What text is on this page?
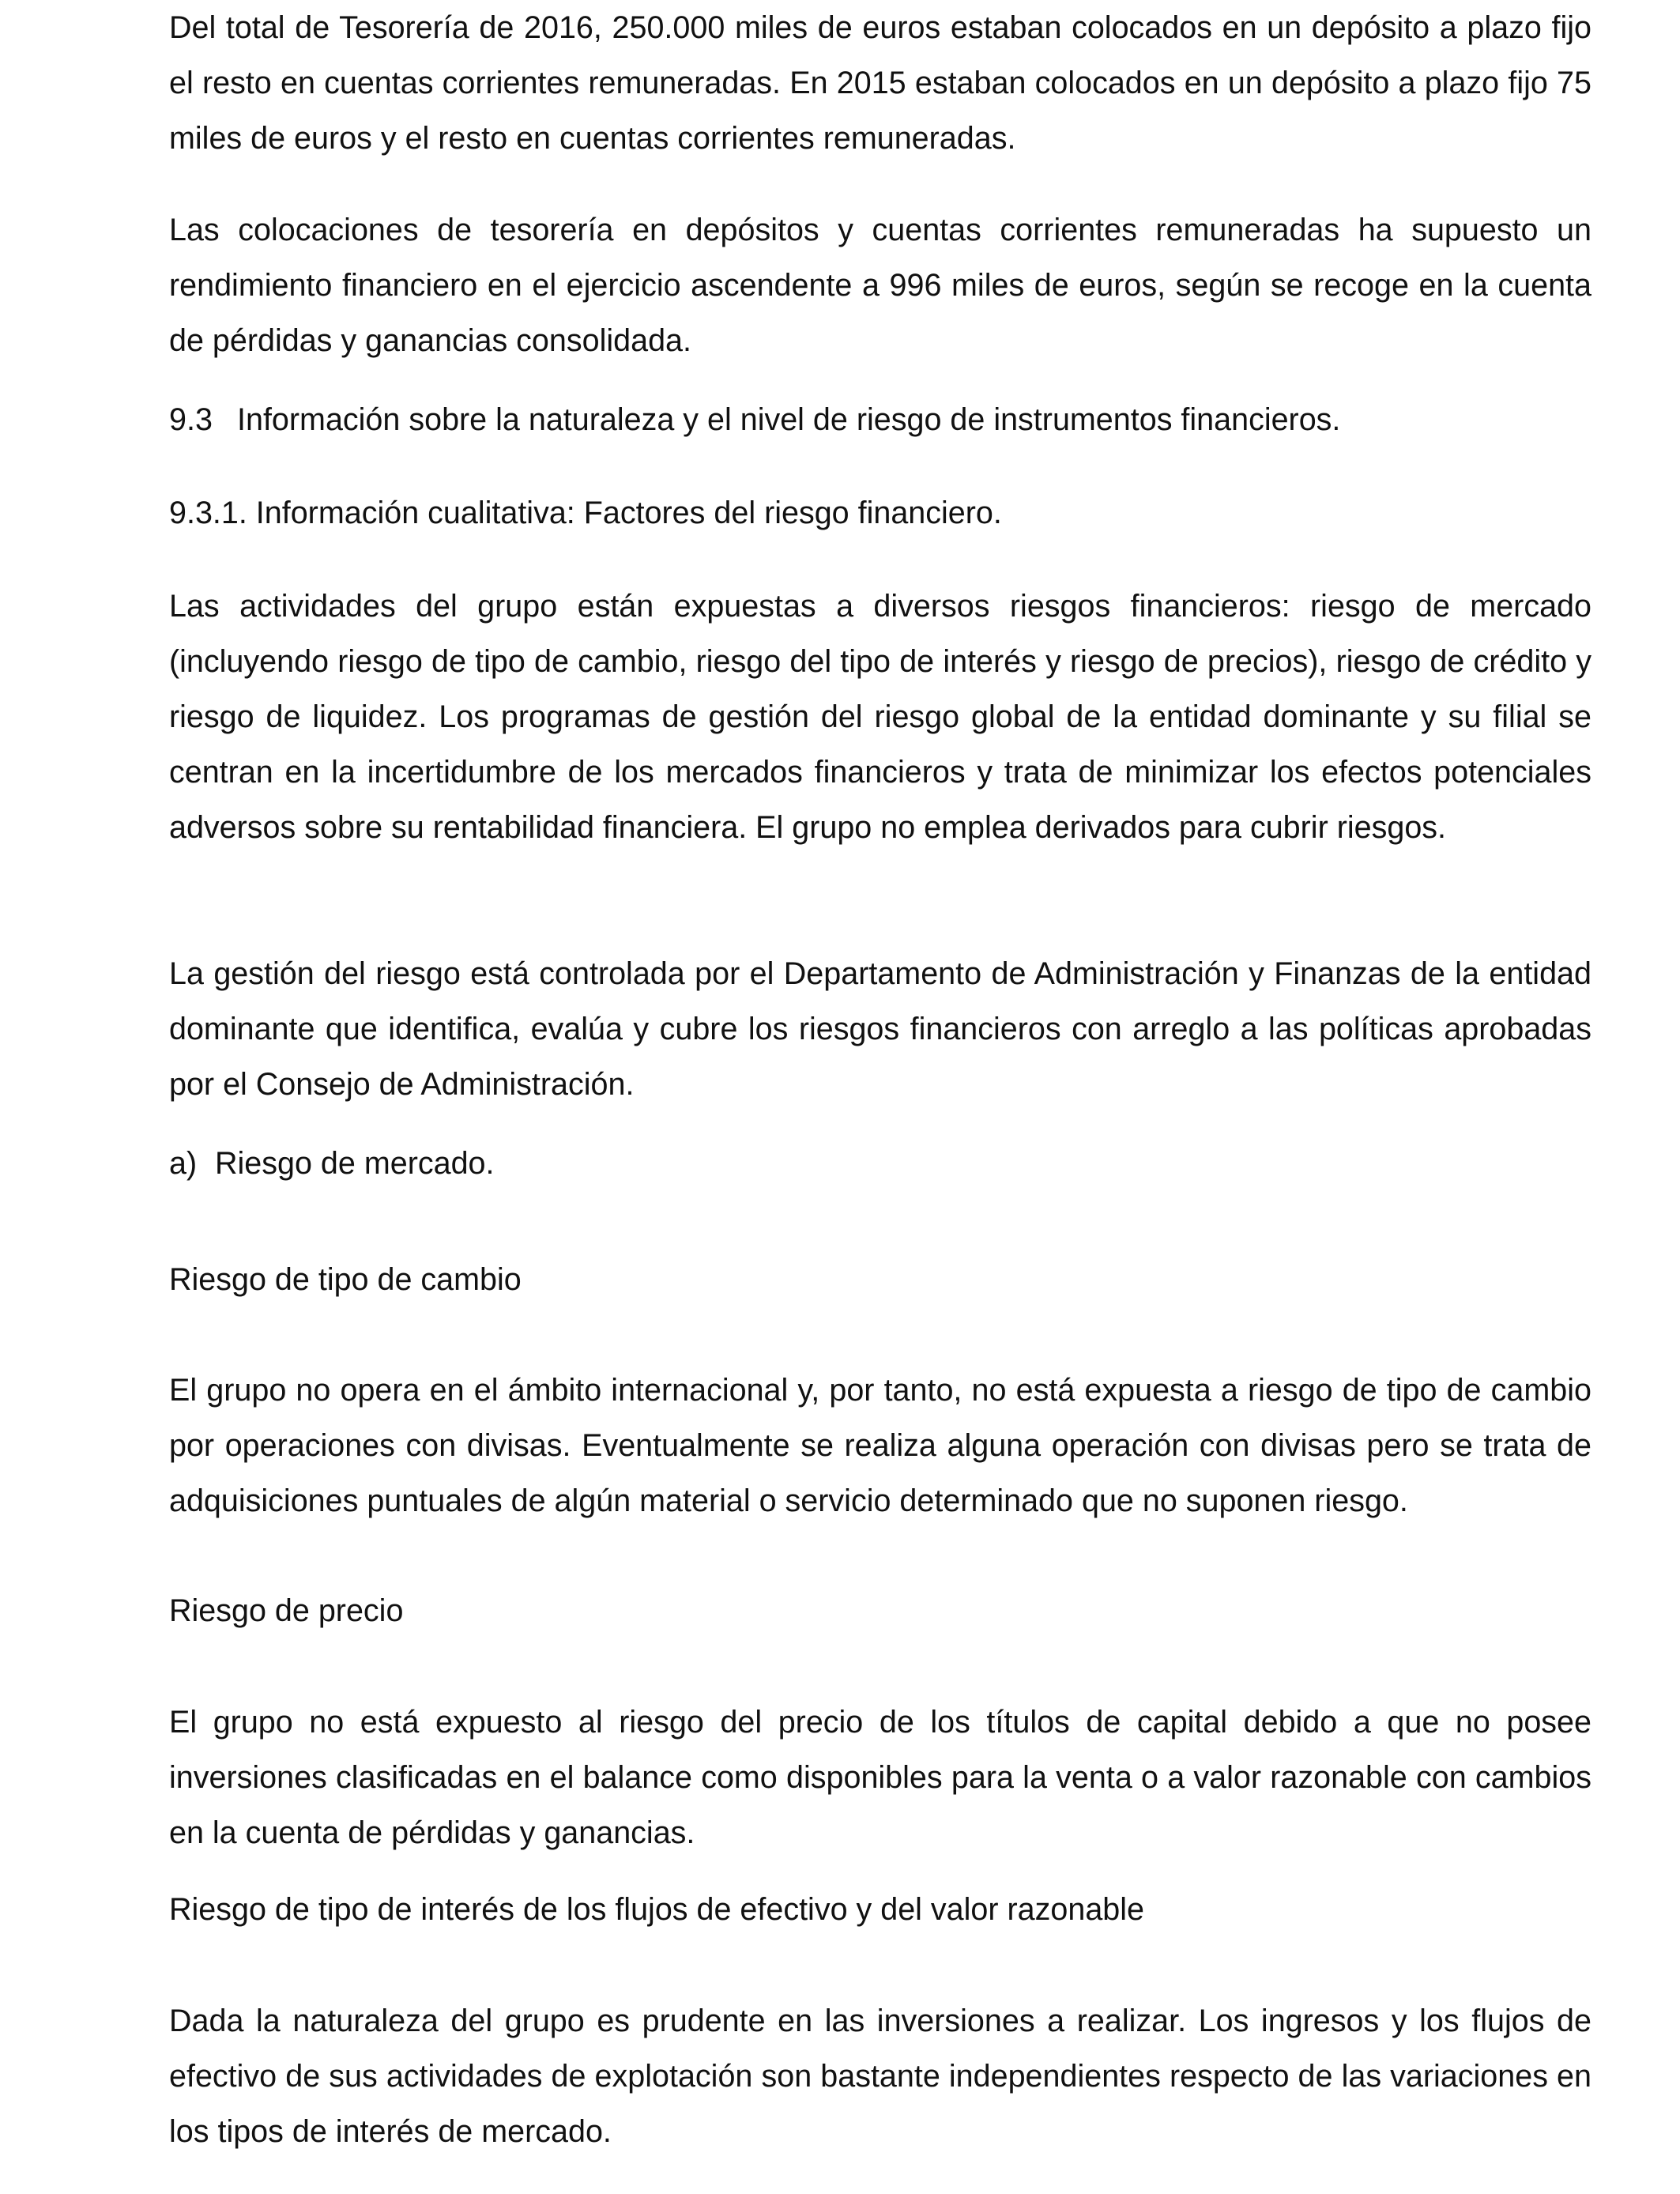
Del total de Tesorería de 2016, 250.000 miles de euros estaban colocados en un depósito a plazo fijo el resto en cuentas corrientes remuneradas. En 2015 estaban colocados en un depósito a plazo fijo 75 miles de euros y el resto en cuentas corrientes remuneradas.

Las colocaciones de tesorería en depósitos y cuentas corrientes remuneradas ha supuesto un rendimiento financiero en el ejercicio ascendente a 996 miles de euros, según se recoge en la cuenta de pérdidas y ganancias consolidada.

9.3 Información sobre la naturaleza y el nivel de riesgo de instrumentos financieros.

9.3.1. Información cualitativa: Factores del riesgo financiero.

Las actividades del grupo están expuestas a diversos riesgos financieros: riesgo de mercado (incluyendo riesgo de tipo de cambio, riesgo del tipo de interés y riesgo de precios), riesgo de crédito y riesgo de liquidez. Los programas de gestión del riesgo global de la entidad dominante y su filial se centran en la incertidumbre de los mercados financieros y trata de minimizar los efectos potenciales adversos sobre su rentabilidad financiera. El grupo no emplea derivados para cubrir riesgos.

La gestión del riesgo está controlada por el Departamento de Administración y Finanzas de la entidad dominante que identifica, evalúa y cubre los riesgos financieros con arreglo a las políticas aprobadas por el Consejo de Administración.

a) Riesgo de mercado.

Riesgo de tipo de cambio

El grupo no opera en el ámbito internacional y, por tanto, no está expuesta a riesgo de tipo de cambio por operaciones con divisas. Eventualmente se realiza alguna operación con divisas pero se trata de adquisiciones puntuales de algún material o servicio determinado que no suponen riesgo.

Riesgo de precio

El grupo no está expuesto al riesgo del precio de los títulos de capital debido a que no posee inversiones clasificadas en el balance como disponibles para la venta o a valor razonable con cambios en la cuenta de pérdidas y ganancias.

Riesgo de tipo de interés de los flujos de efectivo y del valor razonable

Dada la naturaleza del grupo es prudente en las inversiones a realizar. Los ingresos y los flujos de efectivo de sus actividades de explotación son bastante independientes respecto de las variaciones en los tipos de interés de mercado.
